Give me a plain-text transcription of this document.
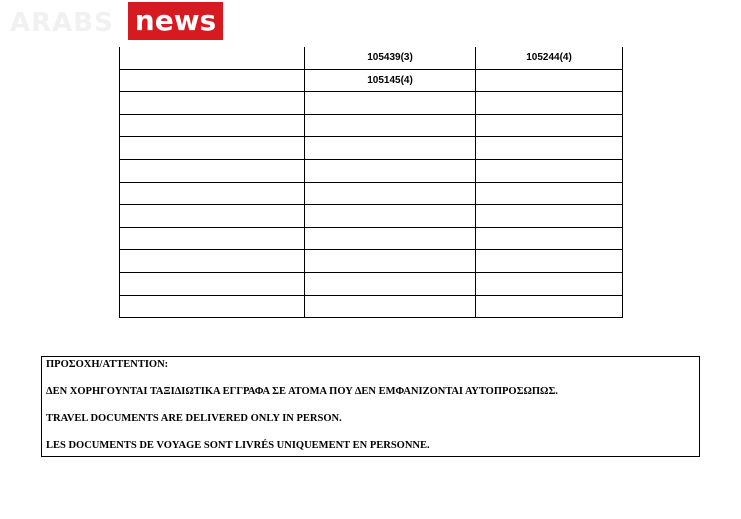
ARABS news
	105439(3)	105244(4)
	105145(4)	

ΠΡΟΣΟΧΗ/ATTENTION:

ΔΕΝ ΧΟΡΗΓΟΥΝΤΑΙ ΤΑΞΙΔΙΩΤΙΚΑ ΕΓΓΡΑΦΑ ΣΕ ΑΤΟΜΑ ΠΟΥ ΔΕΝ ΕΜΦΑΝΙΖΟΝΤΑΙ ΑΥΤΟΠΡΟΣΩΠΩΣ.

TRAVEL DOCUMENTS ARE DELIVERED ONLY IN PERSON.

LES DOCUMENTS DE VOYAGE SONT LIVRÉS UNIQUEMENT EN PERSONNE.
